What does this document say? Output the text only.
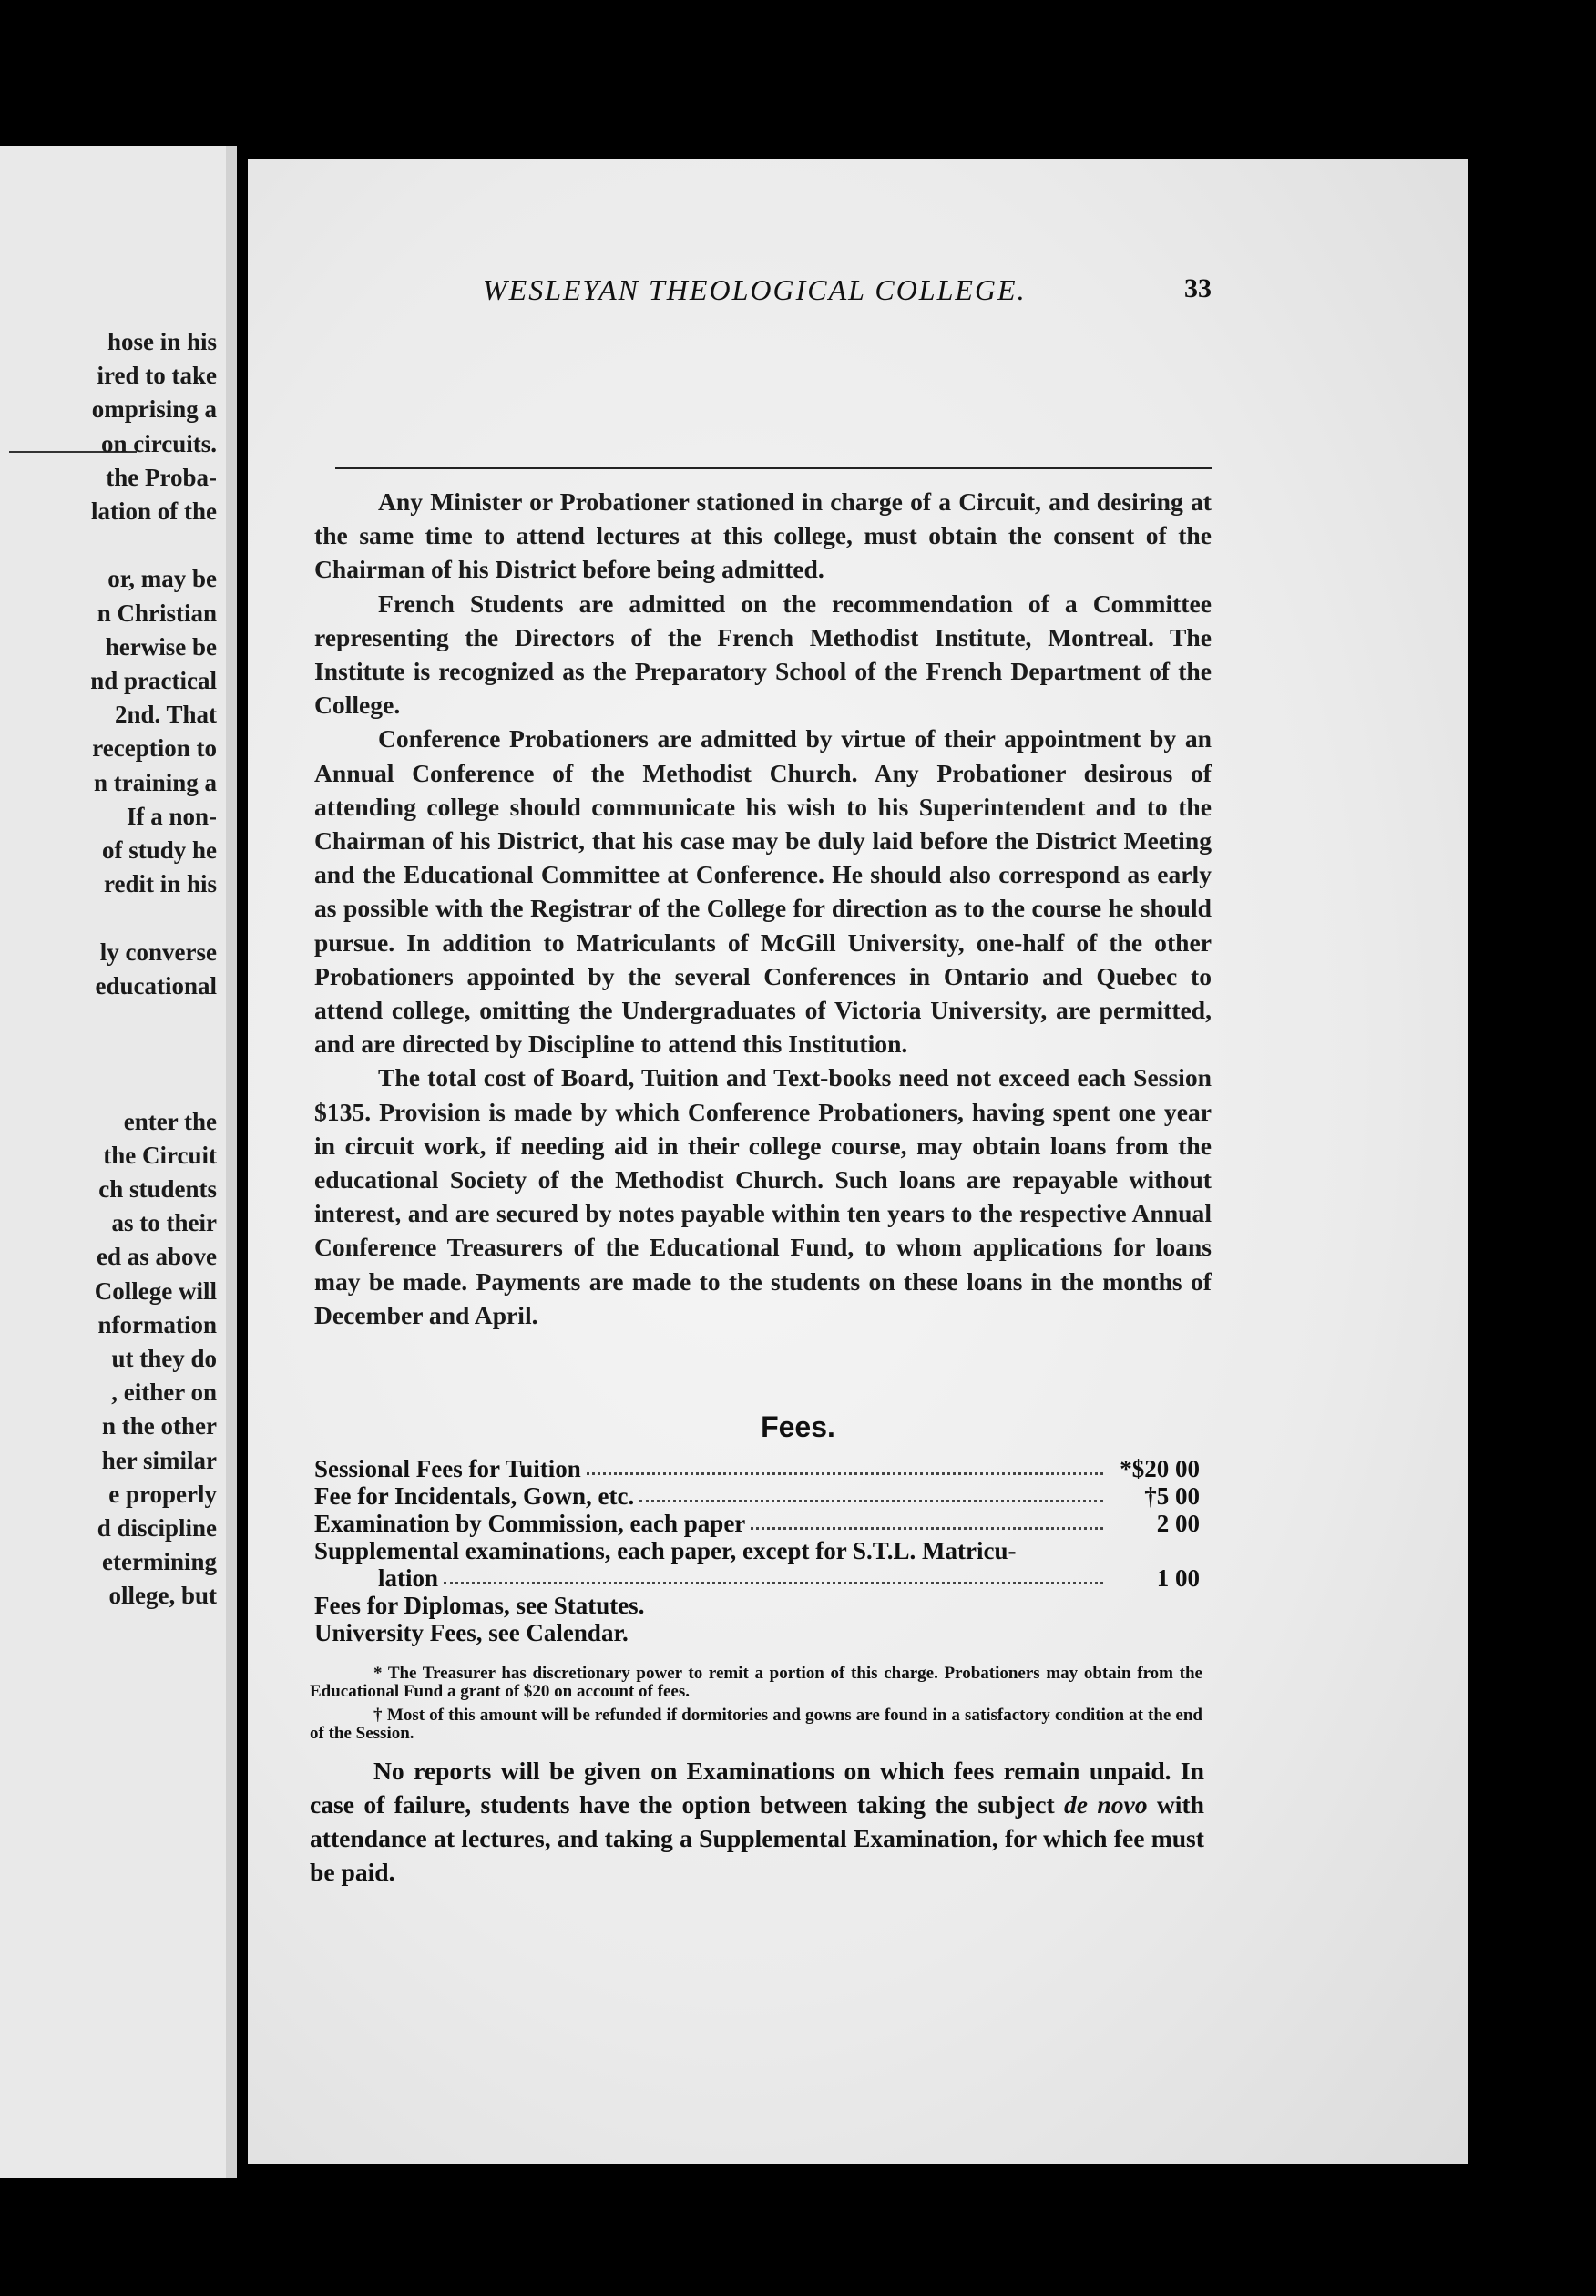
hose in his
ired to take
omprising a
on circuits.
the Proba-
lation of the
or, may be
n Christian
herwise be
nd practical
2nd. That
reception to
n training a
If a non-
of study he
redit in his
ly converse
educational
enter the
the Circuit
ch students
as to their
ed as above
College will
nformation
ut they do
, either on
n the other
her similar
e properly
d discipline
etermining
ollege, but
WESLEYAN THEOLOGICAL COLLEGE.	33

Any Minister or Probationer stationed in charge of a Circuit, and desiring at the same time to attend lectures at this college, must obtain the consent of the Chairman of his District before being admitted.

French Students are admitted on the recommendation of a Committee representing the Directors of the French Methodist Institute, Montreal. The Institute is recognized as the Preparatory School of the French Department of the College.

Conference Probationers are admitted by virtue of their appointment by an Annual Conference of the Methodist Church. Any Probationer desirous of attending college should communicate his wish to his Superintendent and to the Chairman of his District, that his case may be duly laid before the District Meeting and the Educational Committee at Conference. He should also correspond as early as possible with the Registrar of the College for direction as to the course he should pursue. In addition to Matriculants of McGill University, one-half of the other Probationers appointed by the several Conferences in Ontario and Quebec to attend college, omitting the Undergraduates of Victoria University, are permitted, and are directed by Discipline to attend this Institution.

The total cost of Board, Tuition and Text-books need not exceed each Session $135. Provision is made by which Conference Probationers, having spent one year in circuit work, if needing aid in their college course, may obtain loans from the educational Society of the Methodist Church. Such loans are repayable without interest, and are secured by notes payable within ten years to the respective Annual Conference Treasurers of the Educational Fund, to whom applications for loans may be made. Payments are made to the students on these loans in the months of December and April.

Fees.
Sessional Fees for Tuition	*$20 00
Fee for Incidentals, Gown, etc.	†5 00
Examination by Commission, each paper	2 00
Supplemental examinations, each paper, except for S.T.L. Matricu-
lation	1 00
Fees for Diplomas, see Statutes.
University Fees, see Calendar.

* The Treasurer has discretionary power to remit a portion of this charge. Probationers may obtain from the Educational Fund a grant of $20 on account of fees.

† Most of this amount will be refunded if dormitories and gowns are found in a satisfactory condition at the end of the Session.

No reports will be given on Examinations on which fees remain unpaid. In case of failure, students have the option between taking the subject de novo with attendance at lectures, and taking a Supplemental Examination, for which fee must be paid.
